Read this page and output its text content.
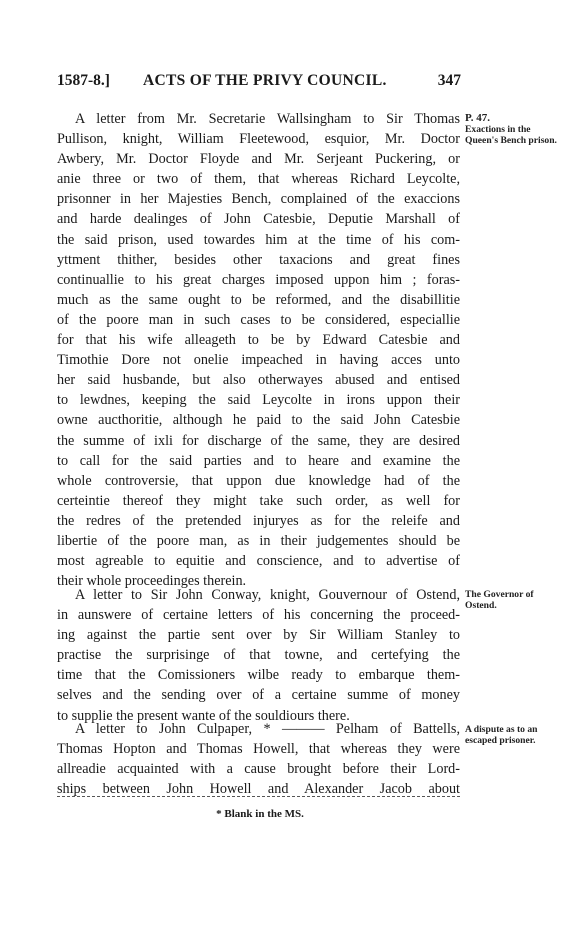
1587-8.] ACTS OF THE PRIVY COUNCIL.	347
A letter from Mr. Secretarie Wallsingham to Sir Thomas
Pullison, knight, William Fleetewood, esquior, Mr. Doctor
Awbery, Mr. Doctor Floyde and Mr. Serjeant Puckering, or
anie three or two of them, that whereas Richard Leycolte,
prisonner in her Majesties Bench, complained of the exaccions
and harde dealinges of John Catesbie, Deputie Marshall of
the said prison, used towardes him at the time of his com-
yttment thither, besides other taxacions and great fines
continuallie to his great charges imposed uppon him ; foras-
much as the same ought to be reformed, and the disabillitie
of the poore man in such cases to be considered, especiallie
for that his wife alleageth to be by Edward Catesbie and
Timothie Dore not onelie impeached in having acces unto
her said husbande, but also otherwayes abused and entised
to lewdnes, keeping the said Leycolte in irons uppon their
owne aucthoritie, although he paid to the said John Catesbie
the summe of ixli for discharge of the same, they are desired
to call for the said parties and to heare and examine the
whole controversie, that uppon due knowledge had of the
certeintie thereof they might take such order, as well for
the redres of the pretended injuryes as for the releife and
libertie of the poore man, as in their judgementes should be
most agreable to equitie and conscience, and to advertise of
their whole proceedinges therein.
A letter to Sir John Conway, knight, Gouvernour of Ostend,
in aunswere of certaine letters of his concerning the proceed-
ing against the partie sent over by Sir William Stanley to
practise the surprisinge of that towne, and certefying the
time that the Comissioners wilbe ready to embarque them-
selves and the sending over of a certaine summe of money
to supplie the present wante of the souldiours there.
A letter to John Culpaper, * ——— Pelham of Battells,
Thomas Hopton and Thomas Howell, that whereas they were
allreadie acquainted with a cause brought before their Lord-
ships between John Howell and Alexander Jacob about
P. 47.
Exactions in the Queen's Bench prison.
The Governor of Ostend.
A dispute as to an escaped prisoner.
* Blank in the MS.
